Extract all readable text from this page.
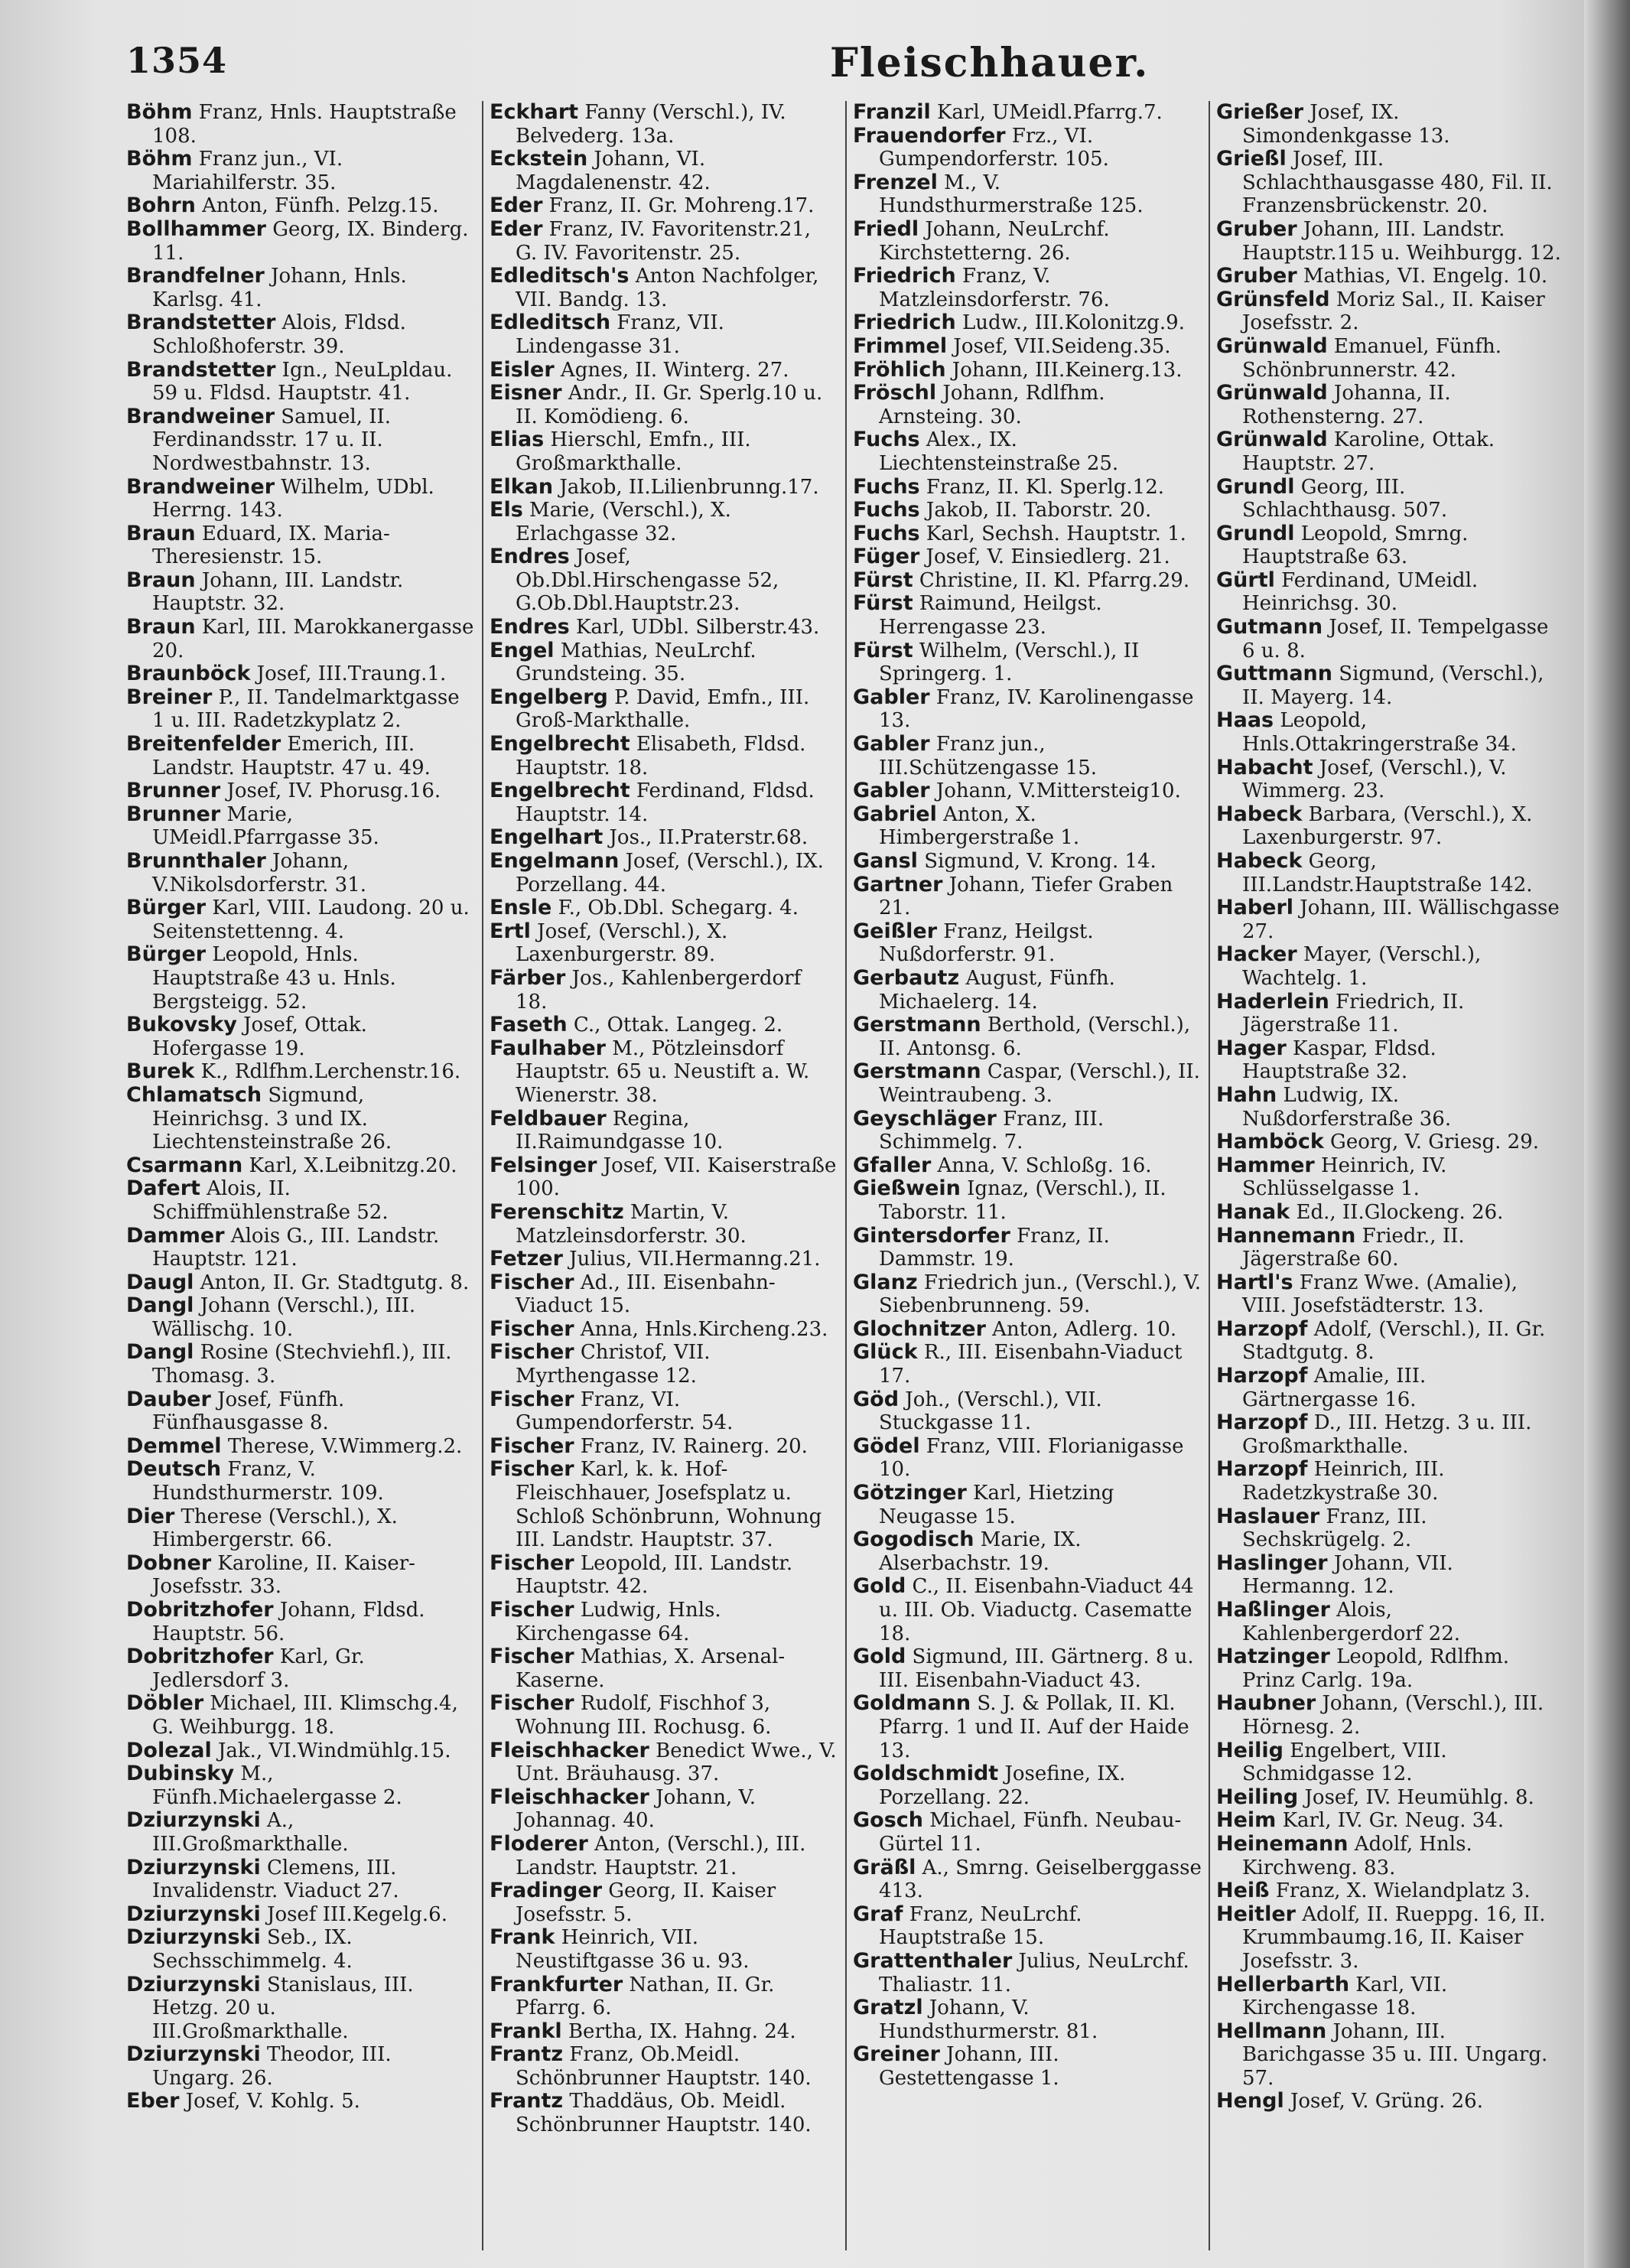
1354	Fleischhauer.

Böhm Franz, Hnls. Hauptstraße 108.

Böhm Franz jun., VI. Mariahilferstr. 35.

Bohrn Anton, Fünfh. Pelzg.15.

Bollhammer Georg, IX. Binderg. 11.

Brandfelner Johann, Hnls. Karlsg. 41.

Brandstetter Alois, Fldsd. Schloßhoferstr. 39.

Brandstetter Ign., NeuLpldau. 59 u. Fldsd. Hauptstr. 41.

Brandweiner Samuel, II. Ferdinandsstr. 17 u. II. Nordwestbahnstr. 13.

Brandweiner Wilhelm, UDbl. Herrng. 143.

Braun Eduard, IX. Maria-Theresienstr. 15.

Braun Johann, III. Landstr. Hauptstr. 32.

Braun Karl, III. Marokkanergasse 20.

Braunböck Josef, III.Traung.1.

Breiner P., II. Tandelmarktgasse 1 u. III. Radetzkyplatz 2.

Breitenfelder Emerich, III. Landstr. Hauptstr. 47 u. 49.

Brunner Josef, IV. Phorusg.16.

Brunner Marie, UMeidl.Pfarrgasse 35.

Brunnthaler Johann, V.Nikolsdorferstr. 31.

Bürger Karl, VIII. Laudong. 20 u. Seitenstettenng. 4.

Bürger Leopold, Hnls. Hauptstraße 43 u. Hnls. Bergsteigg. 52.

Bukovsky Josef, Ottak. Hofergasse 19.

Burek K., Rdlfhm.Lerchenstr.16.

Chlamatsch Sigmund, Heinrichsg. 3 und IX. Liechtensteinstraße 26.

Csarmann Karl, X.Leibnitzg.20.

Dafert Alois, II. Schiffmühlenstraße 52.

Dammer Alois G., III. Landstr. Hauptstr. 121.

Daugl Anton, II. Gr. Stadtgutg. 8.

Dangl Johann (Verschl.), III. Wällischg. 10.

Dangl Rosine (Stechviehfl.), III. Thomasg. 3.

Dauber Josef, Fünfh. Fünfhausgasse 8.

Demmel Therese, V.Wimmerg.2.

Deutsch Franz, V. Hundsthurmerstr. 109.

Dier Therese (Verschl.), X. Himbergerstr. 66.

Dobner Karoline, II. Kaiser-Josefsstr. 33.

Dobritzhofer Johann, Fldsd. Hauptstr. 56.

Dobritzhofer Karl, Gr. Jedlersdorf 3.

Döbler Michael, III. Klimschg.4, G. Weihburgg. 18.

Dolezal Jak., VI.Windmühlg.15.

Dubinsky M., Fünfh.Michaelergasse 2.

Dziurzynski A., III.Großmarkthalle.

Dziurzynski Clemens, III. Invalidenstr. Viaduct 27.

Dziurzynski Josef III.Kegelg.6.

Dziurzynski Seb., IX. Sechsschimmelg. 4.

Dziurzynski Stanislaus, III. Hetzg. 20 u. III.Großmarkthalle.

Dziurzynski Theodor, III. Ungarg. 26.

Eber Josef, V. Kohlg. 5.

Eckhart Fanny (Verschl.), IV. Belvederg. 13a.

Eckstein Johann, VI. Magdalenenstr. 42.

Eder Franz, II. Gr. Mohreng.17.

Eder Franz, IV. Favoritenstr.21, G. IV. Favoritenstr. 25.

Edleditsch's Anton Nachfolger, VII. Bandg. 13.

Edleditsch Franz, VII. Lindengasse 31.

Eisler Agnes, II. Winterg. 27.

Eisner Andr., II. Gr. Sperlg.10 u. II. Komödieng. 6.

Elias Hierschl, Emfn., III. Großmarkthalle.

Elkan Jakob, II.Lilienbrunng.17.

Els Marie, (Verschl.), X. Erlachgasse 32.

Endres Josef, Ob.Dbl.Hirschengasse 52, G.Ob.Dbl.Hauptstr.23.

Endres Karl, UDbl. Silberstr.43.

Engel Mathias, NeuLrchf. Grundsteing. 35.

Engelberg P. David, Emfn., III. Groß-Markthalle.

Engelbrecht Elisabeth, Fldsd. Hauptstr. 18.

Engelbrecht Ferdinand, Fldsd. Hauptstr. 14.

Engelhart Jos., II.Praterstr.68.

Engelmann Josef, (Verschl.), IX. Porzellang. 44.

Ensle F., Ob.Dbl. Schegarg. 4.

Ertl Josef, (Verschl.), X. Laxenburgerstr. 89.

Färber Jos., Kahlenbergerdorf 18.

Faseth C., Ottak. Langeg. 2.

Faulhaber M., Pötzleinsdorf Hauptstr. 65 u. Neustift a. W. Wienerstr. 38.

Feldbauer Regina, II.Raimundgasse 10.

Felsinger Josef, VII. Kaiserstraße 100.

Ferenschitz Martin, V. Matzleinsdorferstr. 30.

Fetzer Julius, VII.Hermanng.21.

Fischer Ad., III. Eisenbahn-Viaduct 15.

Fischer Anna, Hnls.Kircheng.23.

Fischer Christof, VII. Myrthengasse 12.

Fischer Franz, VI. Gumpendorferstr. 54.

Fischer Franz, IV. Rainerg. 20.

Fischer Karl, k. k. Hof-Fleischhauer, Josefsplatz u. Schloß Schönbrunn, Wohnung III. Landstr. Hauptstr. 37.

Fischer Leopold, III. Landstr. Hauptstr. 42.

Fischer Ludwig, Hnls. Kirchengasse 64.

Fischer Mathias, X. Arsenal-Kaserne.

Fischer Rudolf, Fischhof 3, Wohnung III. Rochusg. 6.

Fleischhacker Benedict Wwe., V. Unt. Bräuhausg. 37.

Fleischhacker Johann, V. Johannag. 40.

Floderer Anton, (Verschl.), III. Landstr. Hauptstr. 21.

Fradinger Georg, II. Kaiser Josefsstr. 5.

Frank Heinrich, VII. Neustiftgasse 36 u. 93.

Frankfurter Nathan, II. Gr. Pfarrg. 6.

Frankl Bertha, IX. Hahng. 24.

Frantz Franz, Ob.Meidl. Schönbrunner Hauptstr. 140.

Frantz Thaddäus, Ob. Meidl. Schönbrunner Hauptstr. 140.

Franzil Karl, UMeidl.Pfarrg.7.

Frauendorfer Frz., VI. Gumpendorferstr. 105.

Frenzel M., V. Hundsthurmerstraße 125.

Friedl Johann, NeuLrchf. Kirchstetterng. 26.

Friedrich Franz, V. Matzleinsdorferstr. 76.

Friedrich Ludw., III.Kolonitzg.9.

Frimmel Josef, VII.Seideng.35.

Fröhlich Johann, III.Keinerg.13.

Fröschl Johann, Rdlfhm. Arnsteing. 30.

Fuchs Alex., IX. Liechtensteinstraße 25.

Fuchs Franz, II. Kl. Sperlg.12.

Fuchs Jakob, II. Taborstr. 20.

Fuchs Karl, Sechsh. Hauptstr. 1.

Füger Josef, V. Einsiedlerg. 21.

Fürst Christine, II. Kl. Pfarrg.29.

Fürst Raimund, Heilgst. Herrengasse 23.

Fürst Wilhelm, (Verschl.), II Springerg. 1.

Gabler Franz, IV. Karolinengasse 13.

Gabler Franz jun., III.Schützengasse 15.

Gabler Johann, V.Mittersteig10.

Gabriel Anton, X. Himbergerstraße 1.

Gansl Sigmund, V. Krong. 14.

Gartner Johann, Tiefer Graben 21.

Geißler Franz, Heilgst. Nußdorferstr. 91.

Gerbautz August, Fünfh. Michaelerg. 14.

Gerstmann Berthold, (Verschl.), II. Antonsg. 6.

Gerstmann Caspar, (Verschl.), II. Weintraubeng. 3.

Geyschläger Franz, III. Schimmelg. 7.

Gfaller Anna, V. Schloßg. 16.

Gießwein Ignaz, (Verschl.), II. Taborstr. 11.

Gintersdorfer Franz, II. Dammstr. 19.

Glanz Friedrich jun., (Verschl.), V. Siebenbrunneng. 59.

Glochnitzer Anton, Adlerg. 10.

Glück R., III. Eisenbahn-Viaduct 17.

Göd Joh., (Verschl.), VII. Stuckgasse 11.

Gödel Franz, VIII. Florianigasse 10.

Götzinger Karl, Hietzing Neugasse 15.

Gogodisch Marie, IX. Alserbachstr. 19.

Gold C., II. Eisenbahn-Viaduct 44 u. III. Ob. Viaductg. Casematte 18.

Gold Sigmund, III. Gärtnerg. 8 u. III. Eisenbahn-Viaduct 43.

Goldmann S. J. & Pollak, II. Kl. Pfarrg. 1 und II. Auf der Haide 13.

Goldschmidt Josefine, IX. Porzellang. 22.

Gosch Michael, Fünfh. Neubau-Gürtel 11.

Gräßl A., Smrng. Geiselberggasse 413.

Graf Franz, NeuLrchf. Hauptstraße 15.

Grattenthaler Julius, NeuLrchf. Thaliastr. 11.

Gratzl Johann, V. Hundsthurmerstr. 81.

Greiner Johann, III. Gestettengasse 1.

Grießer Josef, IX. Simondenkgasse 13.

Grießl Josef, III. Schlachthausgasse 480, Fil. II. Franzensbrückenstr. 20.

Gruber Johann, III. Landstr. Hauptstr.115 u. Weihburgg. 12.

Gruber Mathias, VI. Engelg. 10.

Grünsfeld Moriz Sal., II. Kaiser Josefsstr. 2.

Grünwald Emanuel, Fünfh. Schönbrunnerstr. 42.

Grünwald Johanna, II. Rothensterng. 27.

Grünwald Karoline, Ottak. Hauptstr. 27.

Grundl Georg, III. Schlachthausg. 507.

Grundl Leopold, Smrng. Hauptstraße 63.

Gürtl Ferdinand, UMeidl. Heinrichsg. 30.

Gutmann Josef, II. Tempelgasse 6 u. 8.

Guttmann Sigmund, (Verschl.), II. Mayerg. 14.

Haas Leopold, Hnls.Ottakringerstraße 34.

Habacht Josef, (Verschl.), V. Wimmerg. 23.

Habeck Barbara, (Verschl.), X. Laxenburgerstr. 97.

Habeck Georg, III.Landstr.Hauptstraße 142.

Haberl Johann, III. Wällischgasse 27.

Hacker Mayer, (Verschl.), Wachtelg. 1.

Haderlein Friedrich, II. Jägerstraße 11.

Hager Kaspar, Fldsd. Hauptstraße 32.

Hahn Ludwig, IX. Nußdorferstraße 36.

Hamböck Georg, V. Griesg. 29.

Hammer Heinrich, IV. Schlüsselgasse 1.

Hanak Ed., II.Glockeng. 26.

Hannemann Friedr., II. Jägerstraße 60.

Hartl's Franz Wwe. (Amalie), VIII. Josefstädterstr. 13.

Harzopf Adolf, (Verschl.), II. Gr. Stadtgutg. 8.

Harzopf Amalie, III. Gärtnergasse 16.

Harzopf D., III. Hetzg. 3 u. III. Großmarkthalle.

Harzopf Heinrich, III. Radetzkystraße 30.

Haslauer Franz, III. Sechskrügelg. 2.

Haslinger Johann, VII. Hermanng. 12.

Haßlinger Alois, Kahlenbergerdorf 22.

Hatzinger Leopold, Rdlfhm. Prinz Carlg. 19a.

Haubner Johann, (Verschl.), III. Hörnesg. 2.

Heilig Engelbert, VIII. Schmidgasse 12.

Heiling Josef, IV. Heumühlg. 8.

Heim Karl, IV. Gr. Neug. 34.

Heinemann Adolf, Hnls. Kirchweng. 83.

Heiß Franz, X. Wielandplatz 3.

Heitler Adolf, II. Rueppg. 16, II. Krummbaumg.16, II. Kaiser Josefsstr. 3.

Hellerbarth Karl, VII. Kirchengasse 18.

Hellmann Johann, III. Barichgasse 35 u. III. Ungarg. 57.

Hengl Josef, V. Grüng. 26.
